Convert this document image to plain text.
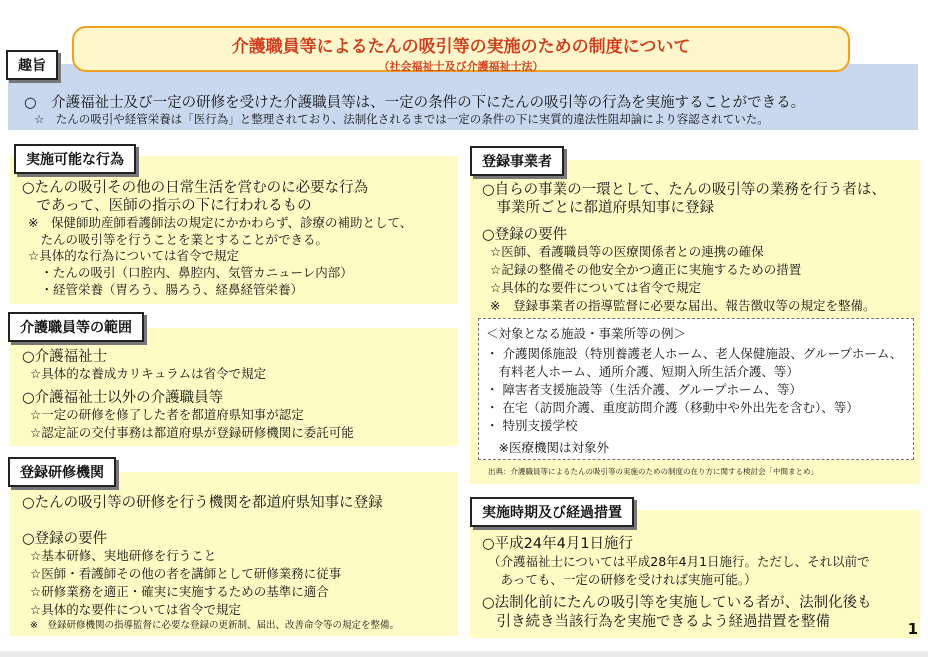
○　介護福祉士及び一定の研修を受けた介護職員等は、一定の条件の下にたんの吸引等の行為を実施することができる。
☆　たんの吸引や経管栄養は「医行為」と整理されており、法制化されるまでは一定の条件の下に実質的違法性阻却論により容認されていた。
趣旨
介護職員等によるたんの吸引等の実施のための制度について
（社会福祉士及び介護福祉士法）
実施可能な行為
○たんの吸引その他の日常生活を営むのに必要な行為
　であって、医師の指示の下に行われるもの
※　保健師助産師看護師法の規定にかかわらず、診療の補助として、
　たんの吸引等を行うことを業とすることができる。
☆具体的な行為については省令で規定
　・たんの吸引（口腔内、鼻腔内、気管カニューレ内部）
　・経管栄養（胃ろう、腸ろう、経鼻経管栄養）
介護職員等の範囲
○介護福祉士
☆具体的な養成カリキュラムは省令で規定
○介護福祉士以外の介護職員等
☆一定の研修を修了した者を都道府県知事が認定
☆認定証の交付事務は都道府県が登録研修機関に委託可能
登録研修機関
○たんの吸引等の研修を行う機関を都道府県知事に登録
○登録の要件
☆基本研修、実地研修を行うこと
☆医師・看護師その他の者を講師として研修業務に従事
☆研修業務を適正・確実に実施するための基準に適合
☆具体的な要件については省令で規定
※　登録研修機関の指導監督に必要な登録の更新制、届出、改善命令等の規定を整備。
登録事業者
○自らの事業の一環として、たんの吸引等の業務を行う者は、
　事業所ごとに都道府県知事に登録
○登録の要件
☆医師、看護職員等の医療関係者との連携の確保
☆記録の整備その他安全かつ適正に実施するための措置
☆具体的な要件については省令で規定
※　登録事業者の指導監督に必要な届出、報告徴収等の規定を整備。
＜対象となる施設・事業所等の例＞
・ 介護関係施設（特別養護老人ホーム、老人保健施設、グループホーム、
　有料老人ホーム、通所介護、短期入所生活介護、等）
・ 障害者支援施設等（生活介護、グループホーム、等）
・ 在宅（訪問介護、重度訪問介護（移動中や外出先を含む）、等）
・ 特別支援学校
　※医療機関は対象外
出典：介護職員等によるたんの吸引等の実施のための制度の在り方に関する検討会「中間まとめ」
実施時期及び経過措置
○平成24年4月1日施行
（介護福祉士については平成28年4月1日施行。ただし、それ以前で
　あっても、一定の研修を受ければ実施可能。）
○法制化前にたんの吸引等を実施している者が、法制化後も
　引き続き当該行為を実施できるよう経過措置を整備	1
